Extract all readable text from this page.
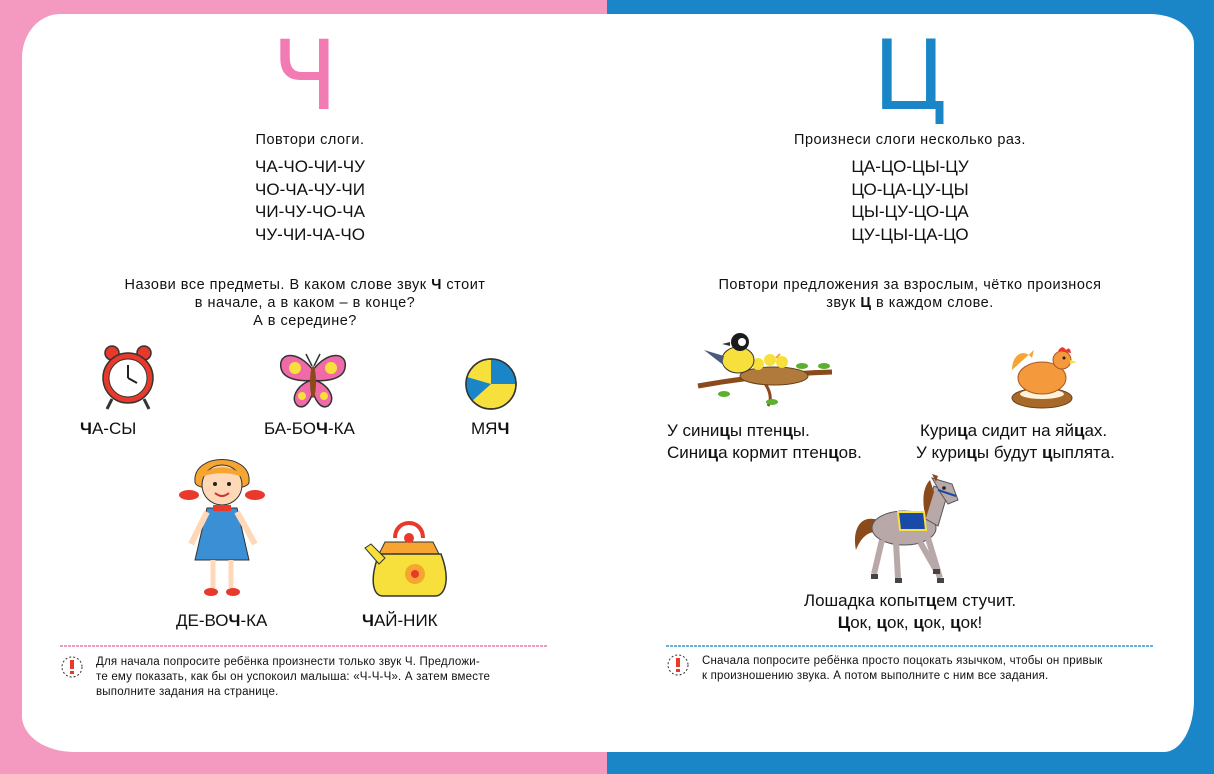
Ч
Повтори слоги.
ЧА-ЧО-ЧИ-ЧУ
ЧО-ЧА-ЧУ-ЧИ
ЧИ-ЧУ-ЧО-ЧА
ЧУ-ЧИ-ЧА-ЧО
Назови все предметы. В каком слове звук Ч стоит
в начале, а в каком – в конце?
А в середине?
ЧА-СЫ	БА-БОЧ-КА	МЯЧ
ДЕ-ВОЧ-КА	ЧАЙ-НИК
Для начала попросите ребёнка произнести только звук Ч. Предложи-
те ему показать, как бы он успокоил малыша: «Ч-Ч-Ч». А затем вместе
выполните задания на странице.
Ц
Произнеси слоги несколько раз.
ЦА-ЦО-ЦЫ-ЦУ
ЦО-ЦА-ЦУ-ЦЫ
ЦЫ-ЦУ-ЦО-ЦА
ЦУ-ЦЫ-ЦА-ЦО
Повтори предложения за взрослым, чётко произнося
звук Ц в каждом слове.
У синицы птенцы.
Синица кормит птенцов.
Курица сидит на яйцах.
У курицы будут цыплята.
Лошадка копытцем стучит.
Цок, цок, цок, цок!
Сначала попросите ребёнка просто поцокать язычком, чтобы он привык
к произношению звука. А потом выполните с ним все задания.
